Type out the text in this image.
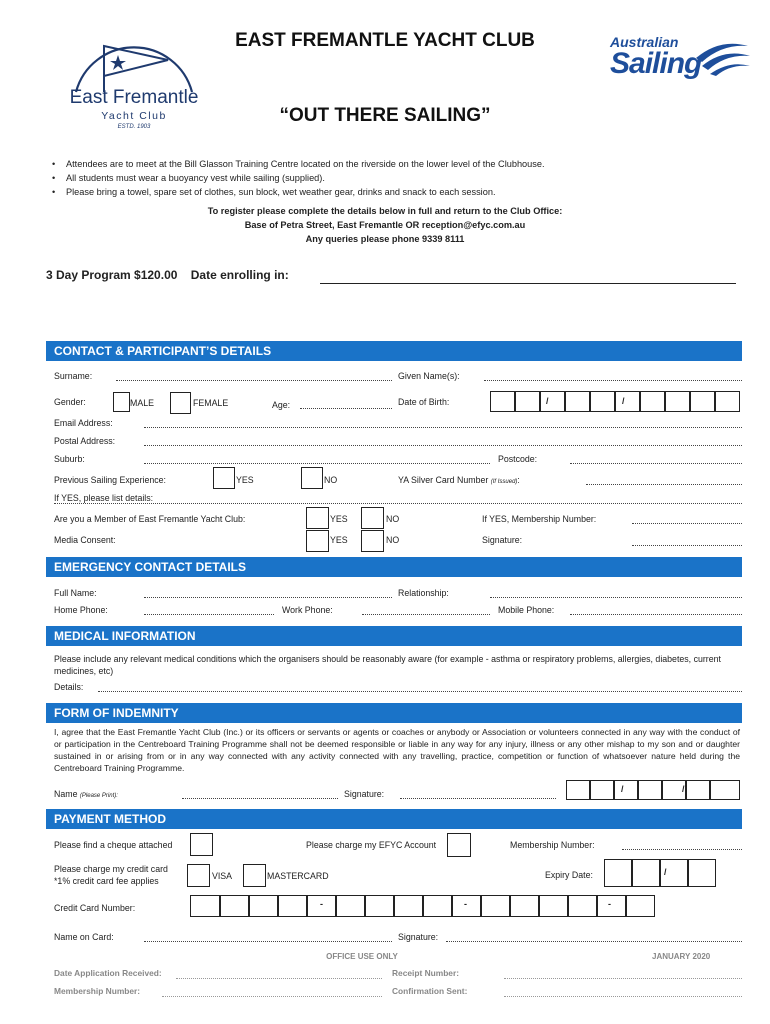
East Fremantle
Yacht Club
ESTD. 1903
Australian
Sailing
EAST FREMANTLE YACHT CLUB
“OUT THERE SAILING”
• Attendees are to meet at the Bill Glasson Training Centre located on the riverside on the lower level of the Clubhouse.
• All students must wear a buoyancy vest while sailing (supplied).
• Please bring a towel, spare set of clothes, sun block, wet weather gear, drinks and snack to each session.
To register please complete the details below in full and return to the Club Office:
Base of Petra Street, East Fremantle OR reception@efyc.com.au
Any queries please phone 9339 8111
3 Day Program $120.00    Date enrolling in:
CONTACT & PARTICIPANT’S DETAILS
Surname:	Given Name(s):
Gender:	MALE	FEMALE	Age:	Date of Birth:	/	/
Email Address:
Postal Address:
Suburb:	Postcode:
Previous Sailing Experience:	YES	NO	YA Silver Card Number (If Issued):
If YES, please list details:
Are you a Member of East Fremantle Yacht Club:	YES	NO	If YES, Membership Number:
Media Consent:	YES	NO	Signature:
EMERGENCY CONTACT DETAILS
Full Name:	Relationship:
Home Phone:	Work Phone:	Mobile Phone:
MEDICAL INFORMATION
Please include any relevant medical conditions which the organisers should be reasonably aware (for example - asthma or respiratory problems, allergies, diabetes, current medicines, etc)
Details:
FORM OF INDEMNITY
I, agree that the East Fremantle Yacht Club (Inc.) or its officers or servants or agents or coaches or anybody or Association or volunteers connected in any way with the conduct of or participation in the Centreboard Training Programme shall not be deemed responsible or liable in any way for any injury, illness or any other mishap to my son and or daughter sustained in or arising from or in any way connected with any activity connected with any travelling, practice, competition or function of whatsoever nature held during the Centreboard Training Programme.
Name (Please Print):	Signature:	/	/
PAYMENT METHOD
Please find a cheque attached	Please charge my EFYC Account	Membership Number:
Please charge my credit card
*1% credit card fee applies	VISA	MASTERCARD	Expiry Date:	/
Credit Card Number:	-	-	-
Name on Card:	Signature:
OFFICE USE ONLY	JANUARY 2020
Date Application Received:	Receipt Number:
Membership Number:	Confirmation Sent:
